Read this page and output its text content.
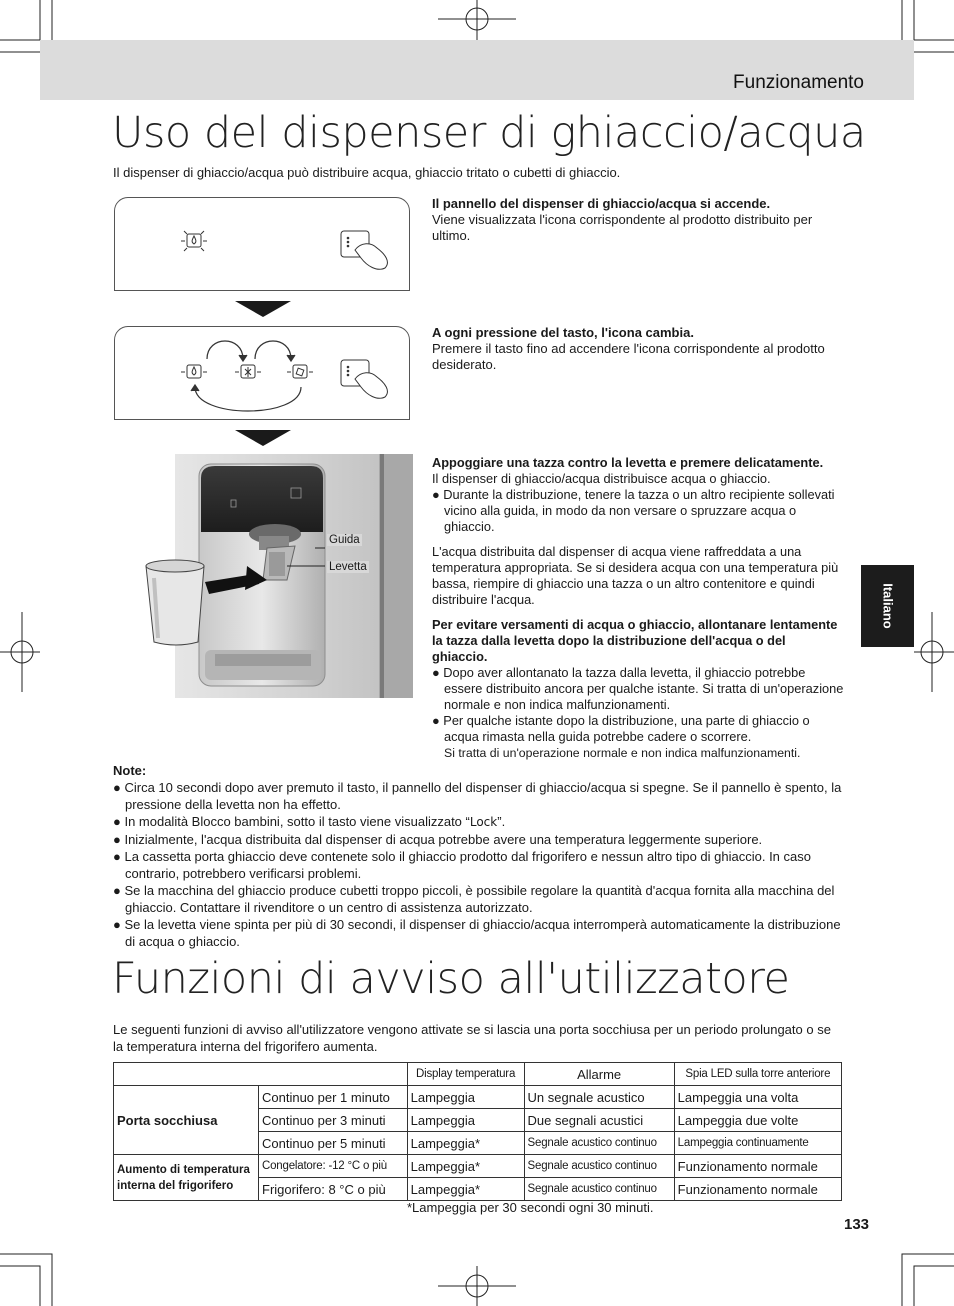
Funzionamento
Uso del dispenser di ghiaccio/acqua
Il dispenser di ghiaccio/acqua può distribuire acqua, ghiaccio tritato o cubetti di ghiaccio.
Il pannello del dispenser di ghiaccio/acqua si accende.
Viene visualizzata l'icona corrispondente al prodotto distribuito per ultimo.
A ogni pressione del tasto, l'icona cambia.
Premere il tasto fino ad accendere l'icona corrispondente al prodotto desiderato.
Guida
Levetta
Appoggiare una tazza contro la levetta e premere delicatamente.
Il dispenser di ghiaccio/acqua distribuisce acqua o ghiaccio.
● Durante la distribuzione, tenere la tazza o un altro recipiente sollevati vicino alla guida, in modo da non versare o spruzzare acqua o ghiaccio.
L'acqua distribuita dal dispenser di acqua viene raffreddata a una temperatura appropriata. Se si desidera acqua con una temperatura più bassa, riempire di ghiaccio una tazza o un altro contenitore e quindi distribuire l'acqua.
Per evitare versamenti di acqua o ghiaccio, allontanare lentamente la tazza dalla levetta dopo la distribuzione dell'acqua o del ghiaccio.
● Dopo aver allontanato la tazza dalla levetta, il ghiaccio potrebbe essere distribuito ancora per qualche istante. Si tratta di un'operazione normale e non indica malfunzionamenti.
● Per qualche istante dopo la distribuzione, una parte di ghiaccio o acqua rimasta nella guida potrebbe cadere o scorrere.
Si tratta di un'operazione normale e non indica malfunzionamenti.
Italiano
Note:
● Circa 10 secondi dopo aver premuto il tasto, il pannello del dispenser di ghiaccio/acqua si spegne. Se il pannello è spento, la pressione della levetta non ha effetto.
● In modalità Blocco bambini, sotto il tasto viene visualizzato “Lock”.
● Inizialmente, l'acqua distribuita dal dispenser di acqua potrebbe avere una temperatura leggermente superiore.
● La cassetta porta ghiaccio deve contenete solo il ghiaccio prodotto dal frigorifero e nessun altro tipo di ghiaccio. In caso contrario, potrebbero verificarsi problemi.
● Se la macchina del ghiaccio produce cubetti troppo piccoli, è possibile regolare la quantità d'acqua fornita alla macchina del ghiaccio. Contattare il rivenditore o un centro di assistenza autorizzato.
● Se la levetta viene spinta per più di 30 secondi, il dispenser di ghiaccio/acqua interromperà automaticamente la distribuzione di acqua o ghiaccio.
Funzioni di avviso all'utilizzatore
Le seguenti funzioni di avviso all'utilizzatore vengono attivate se si lascia una porta socchiusa per un periodo prolungato o se la temperatura interna del frigorifero aumenta.
		Display temperatura	Allarme	Spia LED sulla torre anteriore
Porta socchiusa	Continuo per 1 minuto	Lampeggia	Un segnale acustico	Lampeggia una volta
	Continuo per 3 minuti	Lampeggia	Due segnali acustici	Lampeggia due volte
	Continuo per 5 minuti	Lampeggia*	Segnale acustico continuo	Lampeggia continuamente
Aumento di temperatura interna del frigorifero	Congelatore: -12 °C o più	Lampeggia*	Segnale acustico continuo	Funzionamento normale
	Frigorifero: 8 °C o più	Lampeggia*	Segnale acustico continuo	Funzionamento normale
*Lampeggia per 30 secondi ogni 30 minuti.
133
